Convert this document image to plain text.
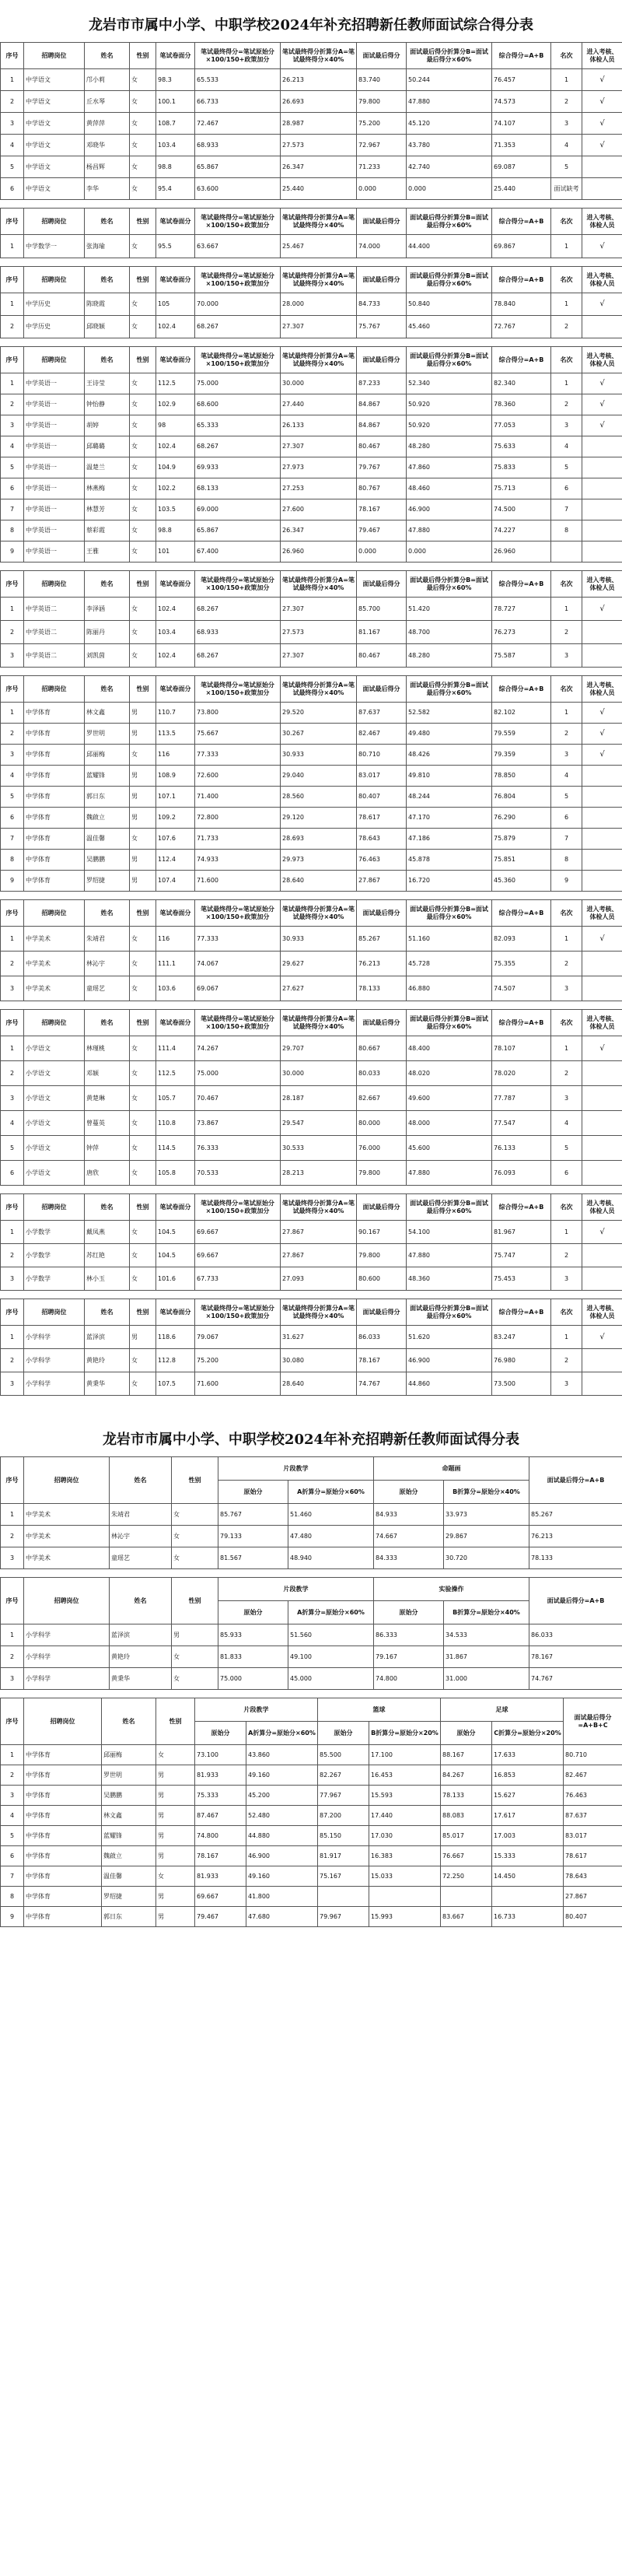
龙岩市市属中小学、中职学校2024年补充招聘新任教师面试综合得分表
序号	招聘岗位	姓名	性别	笔试卷面分	笔试最终得分=笔试原始分×100/150+政策加分	笔试最终得分折算分A=笔试最终得分×40%	面试最后得分	面试最后得分折算分B=面试最后得分×60%	综合得分=A+B	名次	进入考核、体检人员
1	中学语文	邝小莉	女	98.3	65.533	26.213	83.740	50.244	76.457	1	√
2	中学语文	丘水琴	女	100.1	66.733	26.693	79.800	47.880	74.573	2	√
3	中学语文	黄萍萍	女	108.7	72.467	28.987	75.200	45.120	74.107	3	√
4	中学语文	邓晓华	女	103.4	68.933	27.573	72.967	43.780	71.353	4	√
5	中学语文	杨昌辉	女	98.8	65.867	26.347	71.233	42.740	69.087	5	
6	中学语文	李华	女	95.4	63.600	25.440	0.000	0.000	25.440	面试缺考	
序号	招聘岗位	姓名	性别	笔试卷面分	笔试最终得分=笔试原始分×100/150+政策加分	笔试最终得分折算分A=笔试最终得分×40%	面试最后得分	面试最后得分折算分B=面试最后得分×60%	综合得分=A+B	名次	进入考核、体检人员
1	中学数学一	张海瑜	女	95.5	63.667	25.467	74.000	44.400	69.867	1	√
序号	招聘岗位	姓名	性别	笔试卷面分	笔试最终得分=笔试原始分×100/150+政策加分	笔试最终得分折算分A=笔试最终得分×40%	面试最后得分	面试最后得分折算分B=面试最后得分×60%	综合得分=A+B	名次	进入考核、体检人员
1	中学历史	陈晓霞	女	105	70.000	28.000	84.733	50.840	78.840	1	√
2	中学历史	邱晓颖	女	102.4	68.267	27.307	75.767	45.460	72.767	2	
序号	招聘岗位	姓名	性别	笔试卷面分	笔试最终得分=笔试原始分×100/150+政策加分	笔试最终得分折算分A=笔试最终得分×40%	面试最后得分	面试最后得分折算分B=面试最后得分×60%	综合得分=A+B	名次	进入考核、体检人员
1	中学英语一	王诗莹	女	112.5	75.000	30.000	87.233	52.340	82.340	1	√
2	中学英语一	钟怡静	女	102.9	68.600	27.440	84.867	50.920	78.360	2	√
3	中学英语一	胡婷	女	98	65.333	26.133	84.867	50.920	77.053	3	√
4	中学英语一	邱璐璐	女	102.4	68.267	27.307	80.467	48.280	75.633	4	
5	中学英语一	温楚兰	女	104.9	69.933	27.973	79.767	47.860	75.833	5	
6	中学英语一	林燕梅	女	102.2	68.133	27.253	80.767	48.460	75.713	6	
7	中学英语一	林慧芳	女	103.5	69.000	27.600	78.167	46.900	74.500	7	
8	中学英语一	蔡彩霞	女	98.8	65.867	26.347	79.467	47.880	74.227	8	
9	中学英语一	王雅	女	101	67.400	26.960	0.000	0.000	26.960		
序号	招聘岗位	姓名	性别	笔试卷面分	笔试最终得分=笔试原始分×100/150+政策加分	笔试最终得分折算分A=笔试最终得分×40%	面试最后得分	面试最后得分折算分B=面试最后得分×60%	综合得分=A+B	名次	进入考核、体检人员
1	中学英语二	李泽涵	女	102.4	68.267	27.307	85.700	51.420	78.727	1	√
2	中学英语二	陈丽丹	女	103.4	68.933	27.573	81.167	48.700	76.273	2	
3	中学英语二	刘凯茵	女	102.4	68.267	27.307	80.467	48.280	75.587	3	
序号	招聘岗位	姓名	性别	笔试卷面分	笔试最终得分=笔试原始分×100/150+政策加分	笔试最终得分折算分A=笔试最终得分×40%	面试最后得分	面试最后得分折算分B=面试最后得分×60%	综合得分=A+B	名次	进入考核、体检人员
1	中学体育	林文鑫	男	110.7	73.800	29.520	87.637	52.582	82.102	1	√
2	中学体育	罗世明	男	113.5	75.667	30.267	82.467	49.480	79.559	2	√
3	中学体育	邱丽梅	女	116	77.333	30.933	80.710	48.426	79.359	3	√
4	中学体育	蓝耀锋	男	108.9	72.600	29.040	83.017	49.810	78.850	4	
5	中学体育	郭日东	男	107.1	71.400	28.560	80.407	48.244	76.804	5	
6	中学体育	魏啟立	男	109.2	72.800	29.120	78.617	47.170	76.290	6	
7	中学体育	温佳馨	女	107.6	71.733	28.693	78.643	47.186	75.879	7	
8	中学体育	吴鹏鹏	男	112.4	74.933	29.973	76.463	45.878	75.851	8	
9	中学体育	罗绍捷	男	107.4	71.600	28.640	27.867	16.720	45.360	9	
序号	招聘岗位	姓名	性别	笔试卷面分	笔试最终得分=笔试原始分×100/150+政策加分	笔试最终得分折算分A=笔试最终得分×40%	面试最后得分	面试最后得分折算分B=面试最后得分×60%	综合得分=A+B	名次	进入考核、体检人员
1	中学美术	朱靖君	女	116	77.333	30.933	85.267	51.160	82.093	1	√
2	中学美术	林沁宇	女	111.1	74.067	29.627	76.213	45.728	75.355	2	
3	中学美术	童瑶艺	女	103.6	69.067	27.627	78.133	46.880	74.507	3	
序号	招聘岗位	姓名	性别	笔试卷面分	笔试最终得分=笔试原始分×100/150+政策加分	笔试最终得分折算分A=笔试最终得分×40%	面试最后得分	面试最后得分折算分B=面试最后得分×60%	综合得分=A+B	名次	进入考核、体检人员
1	小学语文	林瑾桃	女	111.4	74.267	29.707	80.667	48.400	78.107	1	√
2	小学语文	邓颖	女	112.5	75.000	30.000	80.033	48.020	78.020	2	
3	小学语文	黄楚琳	女	105.7	70.467	28.187	82.667	49.600	77.787	3	
4	小学语文	曾蔓英	女	110.8	73.867	29.547	80.000	48.000	77.547	4	
5	小学语文	钟萍	女	114.5	76.333	30.533	76.000	45.600	76.133	5	
6	小学语文	唐欣	女	105.8	70.533	28.213	79.800	47.880	76.093	6	
序号	招聘岗位	姓名	性别	笔试卷面分	笔试最终得分=笔试原始分×100/150+政策加分	笔试最终得分折算分A=笔试最终得分×40%	面试最后得分	面试最后得分折算分B=面试最后得分×60%	综合得分=A+B	名次	进入考核、体检人员
1	小学数学	戴凤燕	女	104.5	69.667	27.867	90.167	54.100	81.967	1	√
2	小学数学	苏红艳	女	104.5	69.667	27.867	79.800	47.880	75.747	2	
3	小学数学	林小玉	女	101.6	67.733	27.093	80.600	48.360	75.453	3	
序号	招聘岗位	姓名	性别	笔试卷面分	笔试最终得分=笔试原始分×100/150+政策加分	笔试最终得分折算分A=笔试最终得分×40%	面试最后得分	面试最后得分折算分B=面试最后得分×60%	综合得分=A+B	名次	进入考核、体检人员
1	小学科学	蓝泽滨	男	118.6	79.067	31.627	86.033	51.620	83.247	1	√
2	小学科学	黄艳玲	女	112.8	75.200	30.080	78.167	46.900	76.980	2	
3	小学科学	黄秉华	女	107.5	71.600	28.640	74.767	44.860	73.500	3	
龙岩市市属中小学、中职学校2024年补充招聘新任教师面试得分表
序号	招聘岗位	姓名	性别	片段教学		命题画		面试最后得分=A+B
				原始分	A折算分=原始分×60%	原始分	B折算分=原始分×40%	
1	中学美术	朱靖君	女	85.767	51.460	84.933	33.973	85.267
2	中学美术	林沁宇	女	79.133	47.480	74.667	29.867	76.213
3	中学美术	童瑶艺	女	81.567	48.940	84.333	30.720	78.133
序号	招聘岗位	姓名	性别	片段教学		实验操作		面试最后得分=A+B
				原始分	A折算分=原始分×60%	原始分	B折算分=原始分×40%	
1	小学科学	蓝泽滨	男	85.933	51.560	86.333	34.533	86.033
2	小学科学	黄艳玲	女	81.833	49.100	79.167	31.867	78.167
3	小学科学	黄秉华	女	75.000	45.000	74.800	31.000	74.767
序号	招聘岗位	姓名	性别	片段教学		篮球		足球		面试最后得分=A+B+C
				原始分	A折算分=原始分×60%	原始分	B折算分=原始分×20%	原始分	C折算分=原始分×20%	
1	中学体育	邱丽梅	女	73.100	43.860	85.500	17.100	88.167	17.633	80.710
2	中学体育	罗世明	男	81.933	49.160	82.267	16.453	84.267	16.853	82.467
3	中学体育	吴鹏鹏	男	75.333	45.200	77.967	15.593	78.133	15.627	76.463
4	中学体育	林文鑫	男	87.467	52.480	87.200	17.440	88.083	17.617	87.637
5	中学体育	蓝耀锋	男	74.800	44.880	85.150	17.030	85.017	17.003	83.017
6	中学体育	魏啟立	男	78.167	46.900	81.917	16.383	76.667	15.333	78.617
7	中学体育	温佳馨	女	81.933	49.160	75.167	15.033	72.250	14.450	78.643
8	中学体育	罗绍捷	男	69.667	41.800					27.867
9	中学体育	郭日东	男	79.467	47.680	79.967	15.993	83.667	16.733	80.407
